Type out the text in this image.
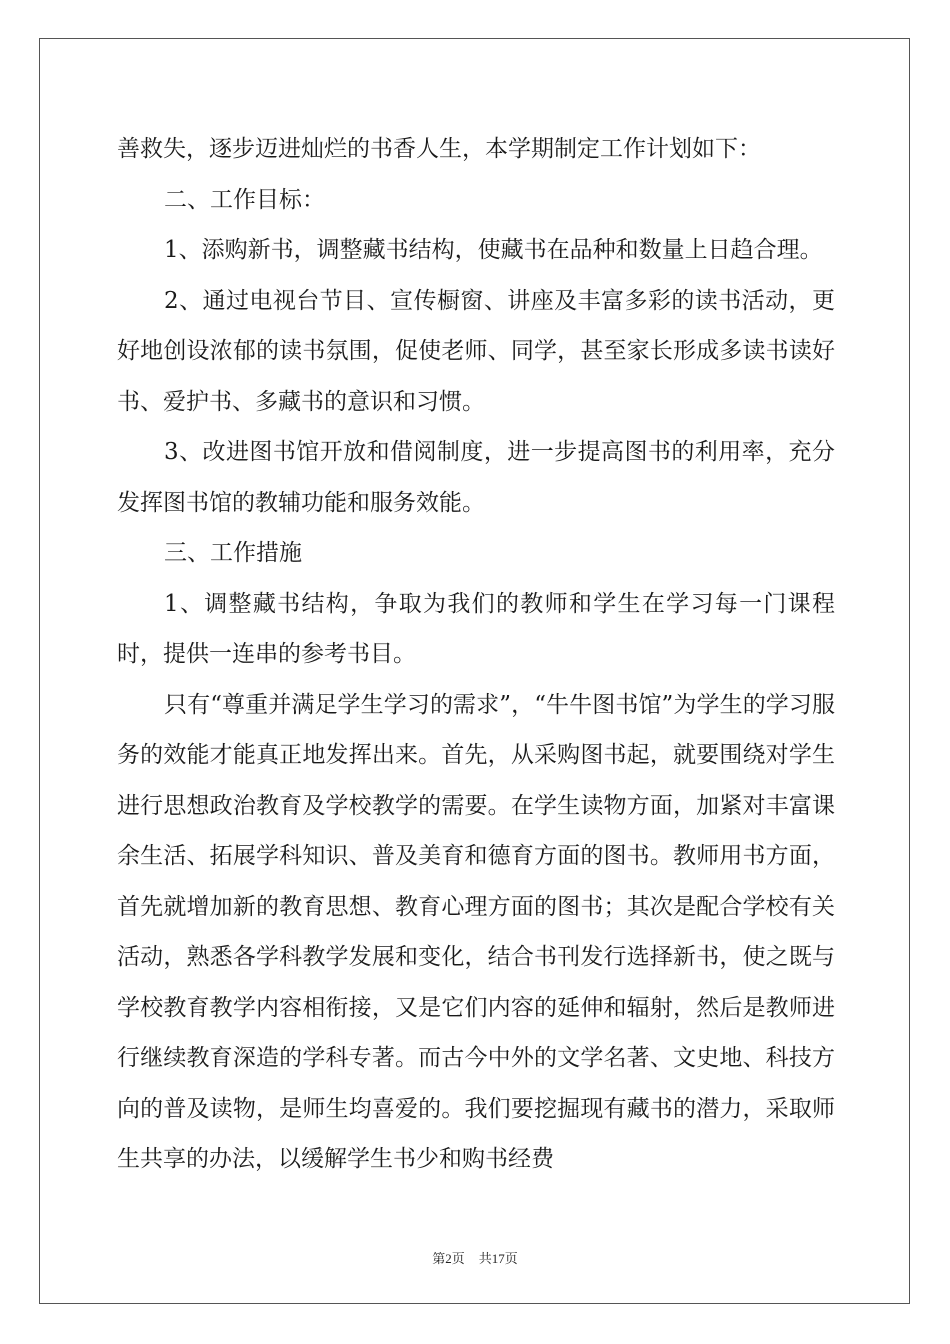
善救失，逐步迈进灿烂的书香人生，本学期制定工作计划如下：

二、工作目标：

1、添购新书，调整藏书结构，使藏书在品种和数量上日趋合理。

2、通过电视台节目、宣传橱窗、讲座及丰富多彩的读书活动，更好地创设浓郁的读书氛围，促使老师、同学，甚至家长形成多读书读好书、爱护书、多藏书的意识和习惯。

3、改进图书馆开放和借阅制度，进一步提高图书的利用率，充分发挥图书馆的教辅功能和服务效能。

三、工作措施

1、调整藏书结构，争取为我们的教师和学生在学习每一门课程时，提供一连串的参考书目。

只有“尊重并满足学生学习的需求”，“牛牛图书馆”为学生的学习服务的效能才能真正地发挥出来。首先，从采购图书起，就要围绕对学生进行思想政治教育及学校教学的需要。在学生读物方面，加紧对丰富课余生活、拓展学科知识、普及美育和德育方面的图书。教师用书方面，首先就增加新的教育思想、教育心理方面的图书；其次是配合学校有关活动，熟悉各学科教学发展和变化，结合书刊发行选择新书，使之既与学校教育教学内容相衔接，又是它们内容的延伸和辐射，然后是教师进行继续教育深造的学科专著。而古今中外的文学名著、文史地、科技方向的普及读物，是师生均喜爱的。我们要挖掘现有藏书的潜力，采取师生共享的办法，以缓解学生书少和购书经费

第2页 共17页
